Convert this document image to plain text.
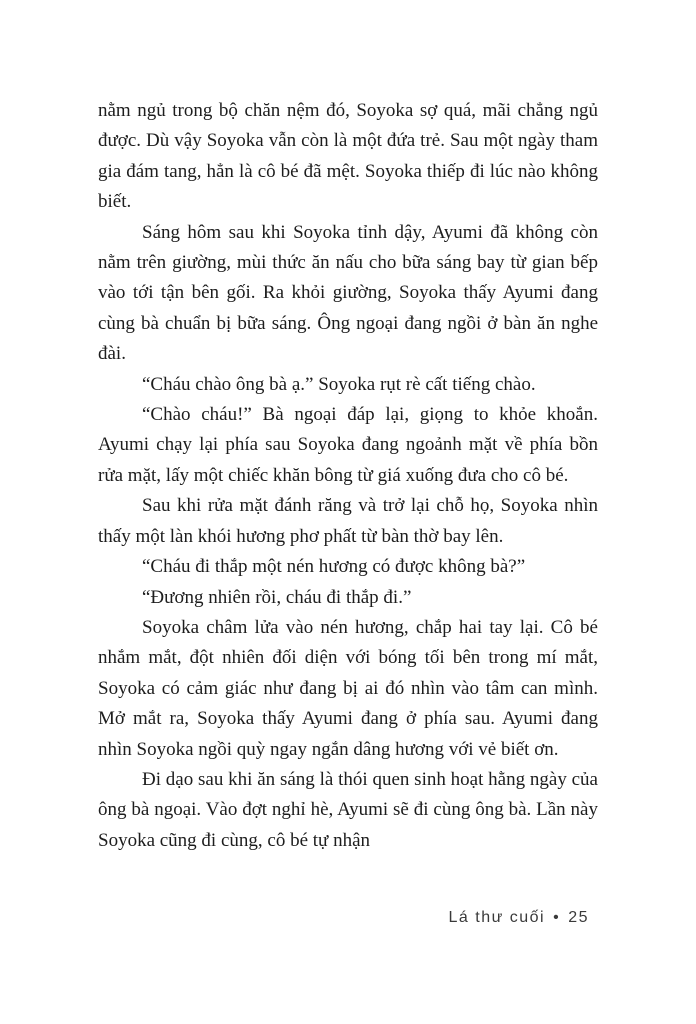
nằm ngủ trong bộ chăn nệm đó, Soyoka sợ quá, mãi chẳng ngủ được. Dù vậy Soyoka vẫn còn là một đứa trẻ. Sau một ngày tham gia đám tang, hẳn là cô bé đã mệt. Soyoka thiếp đi lúc nào không biết.

Sáng hôm sau khi Soyoka tỉnh dậy, Ayumi đã không còn nằm trên giường, mùi thức ăn nấu cho bữa sáng bay từ gian bếp vào tới tận bên gối. Ra khỏi giường, Soyoka thấy Ayumi đang cùng bà chuẩn bị bữa sáng. Ông ngoại đang ngồi ở bàn ăn nghe đài.

“Cháu chào ông bà ạ.” Soyoka rụt rè cất tiếng chào.

“Chào cháu!” Bà ngoại đáp lại, giọng to khỏe khoắn. Ayumi chạy lại phía sau Soyoka đang ngoảnh mặt về phía bồn rửa mặt, lấy một chiếc khăn bông từ giá xuống đưa cho cô bé.

Sau khi rửa mặt đánh răng và trở lại chỗ họ, Soyoka nhìn thấy một làn khói hương phơ phất từ bàn thờ bay lên.

“Cháu đi thắp một nén hương có được không bà?”

“Đương nhiên rồi, cháu đi thắp đi.”

Soyoka châm lửa vào nén hương, chắp hai tay lại. Cô bé nhắm mắt, đột nhiên đối diện với bóng tối bên trong mí mắt, Soyoka có cảm giác như đang bị ai đó nhìn vào tâm can mình. Mở mắt ra, Soyoka thấy Ayumi đang ở phía sau. Ayumi đang nhìn Soyoka ngồi quỳ ngay ngắn dâng hương với vẻ biết ơn.

Đi dạo sau khi ăn sáng là thói quen sinh hoạt hằng ngày của ông bà ngoại. Vào đợt nghỉ hè, Ayumi sẽ đi cùng ông bà. Lần này Soyoka cũng đi cùng, cô bé tự nhận

Lá thư cuối • 25
